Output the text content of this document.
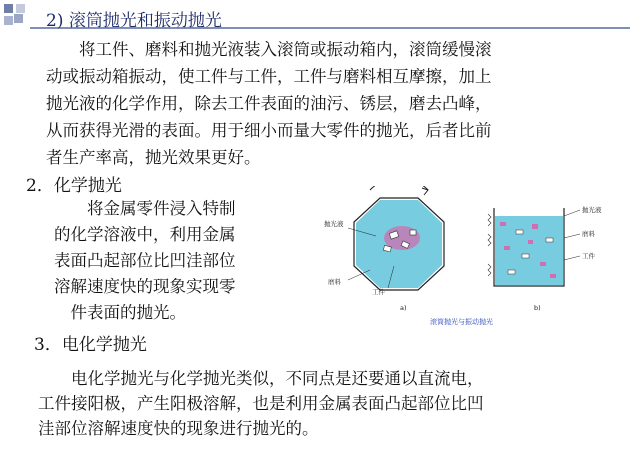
2) 滚筒抛光和振动抛光
　　将工件、磨料和抛光液装入滚筒或振动箱内，滚筒缓慢滚
动或振动箱振动，使工件与工件，工件与磨料相互摩擦，加上
抛光液的化学作用，除去工件表面的油污、锈层，磨去凸峰，
从而获得光滑的表面。用于细小而量大零件的抛光，后者比前
者生产率高，抛光效果更好。
2．化学抛光
　　将金属零件浸入特制
的化学溶液中，利用金属
表面凸起部位比凹洼部位
溶解速度快的现象实现零
　件表面的抛光。
抛光液
磨料
工件
a)
抛光液
磨料
工件
b)
滚筒抛光与振动抛光
3．电化学抛光
　　电化学抛光与化学抛光类似，不同点是还要通以直流电，
工件接阳极，产生阳极溶解，也是利用金属表面凸起部位比凹
洼部位溶解速度快的现象进行抛光的。
